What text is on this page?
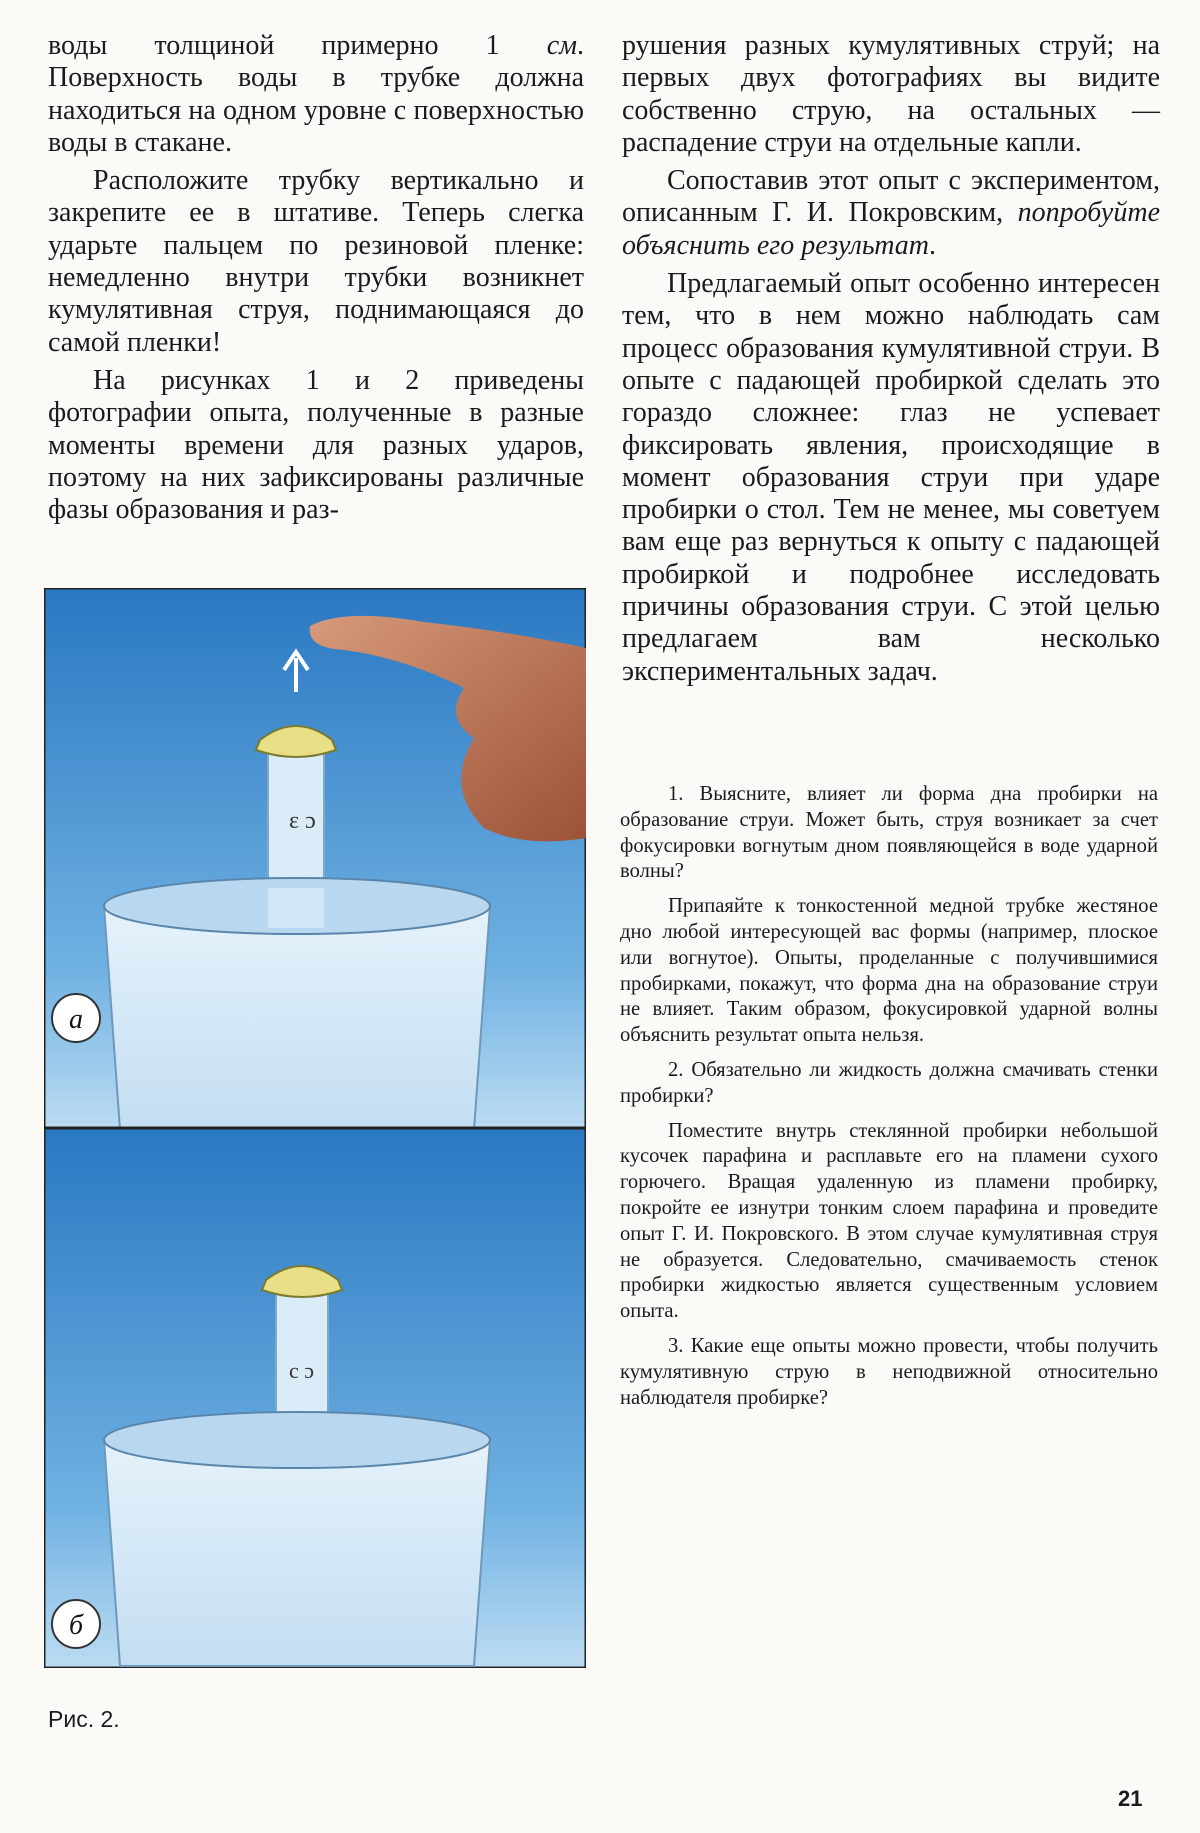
воды толщиной примерно 1 см. Поверхность воды в трубке должна находиться на одном уровне с поверхностью воды в стакане.

Расположите трубку вертикально и закрепите ее в штативе. Теперь слегка ударьте пальцем по резиновой пленке: немедленно внутри трубки возникнет кумулятивная струя, поднимающаяся до самой пленки!

На рисунках 1 и 2 приведены фотографии опыта, полученные в разные моменты времени для разных ударов, поэтому на них зафиксированы различные фазы образования и раз-

рушения разных кумулятивных струй; на первых двух фотографиях вы видите собственно струю, на остальных — распадение струи на отдельные капли.

Сопоставив этот опыт с экспериментом, описанным Г. И. Покровским, попробуйте объяснить его результат.

Предлагаемый опыт особенно интересен тем, что в нем можно наблюдать сам процесс образования кумулятивной струи. В опыте с падающей пробиркой сделать это гораздо сложнее: глаз не успевает фиксировать явления, происходящие в момент образования струи при ударе пробирки о стол. Тем не менее, мы советуем вам еще раз вернуться к опыту с падающей пробиркой и подробнее исследовать причины образования струи. С этой целью предлагаем вам несколько экспериментальных задач.

1. Выясните, влияет ли форма дна пробирки на образование струи. Может быть, струя возникает за счет фокусировки вогнутым дном появляющейся в воде ударной волны?

Припаяйте к тонкостенной медной трубке жестяное дно любой интересующей вас формы (например, плоское или вогнутое). Опыты, проделанные с получившимися пробирками, покажут, что форма дна на образование струи не влияет. Таким образом, фокусировкой ударной волны объяснить результат опыта нельзя.

2. Обязательно ли жидкость должна смачивать стенки пробирки?

Поместите внутрь стеклянной пробирки небольшой кусочек парафина и расплавьте его на пламени сухого горючего. Вращая удаленную из пламени пробирку, покройте ее изнутри тонким слоем парафина и проведите опыт Г. И. Покровского. В этом случае кумулятивная струя не образуется. Следовательно, смачиваемость стенок пробирки жидкостью является существенным условием опыта.

3. Какие еще опыты можно провести, чтобы получить кумулятивную струю в неподвижной относительно наблюдателя пробирке?

ɛ ɔ
а
c ɔ
б
Рис. 2.
21
